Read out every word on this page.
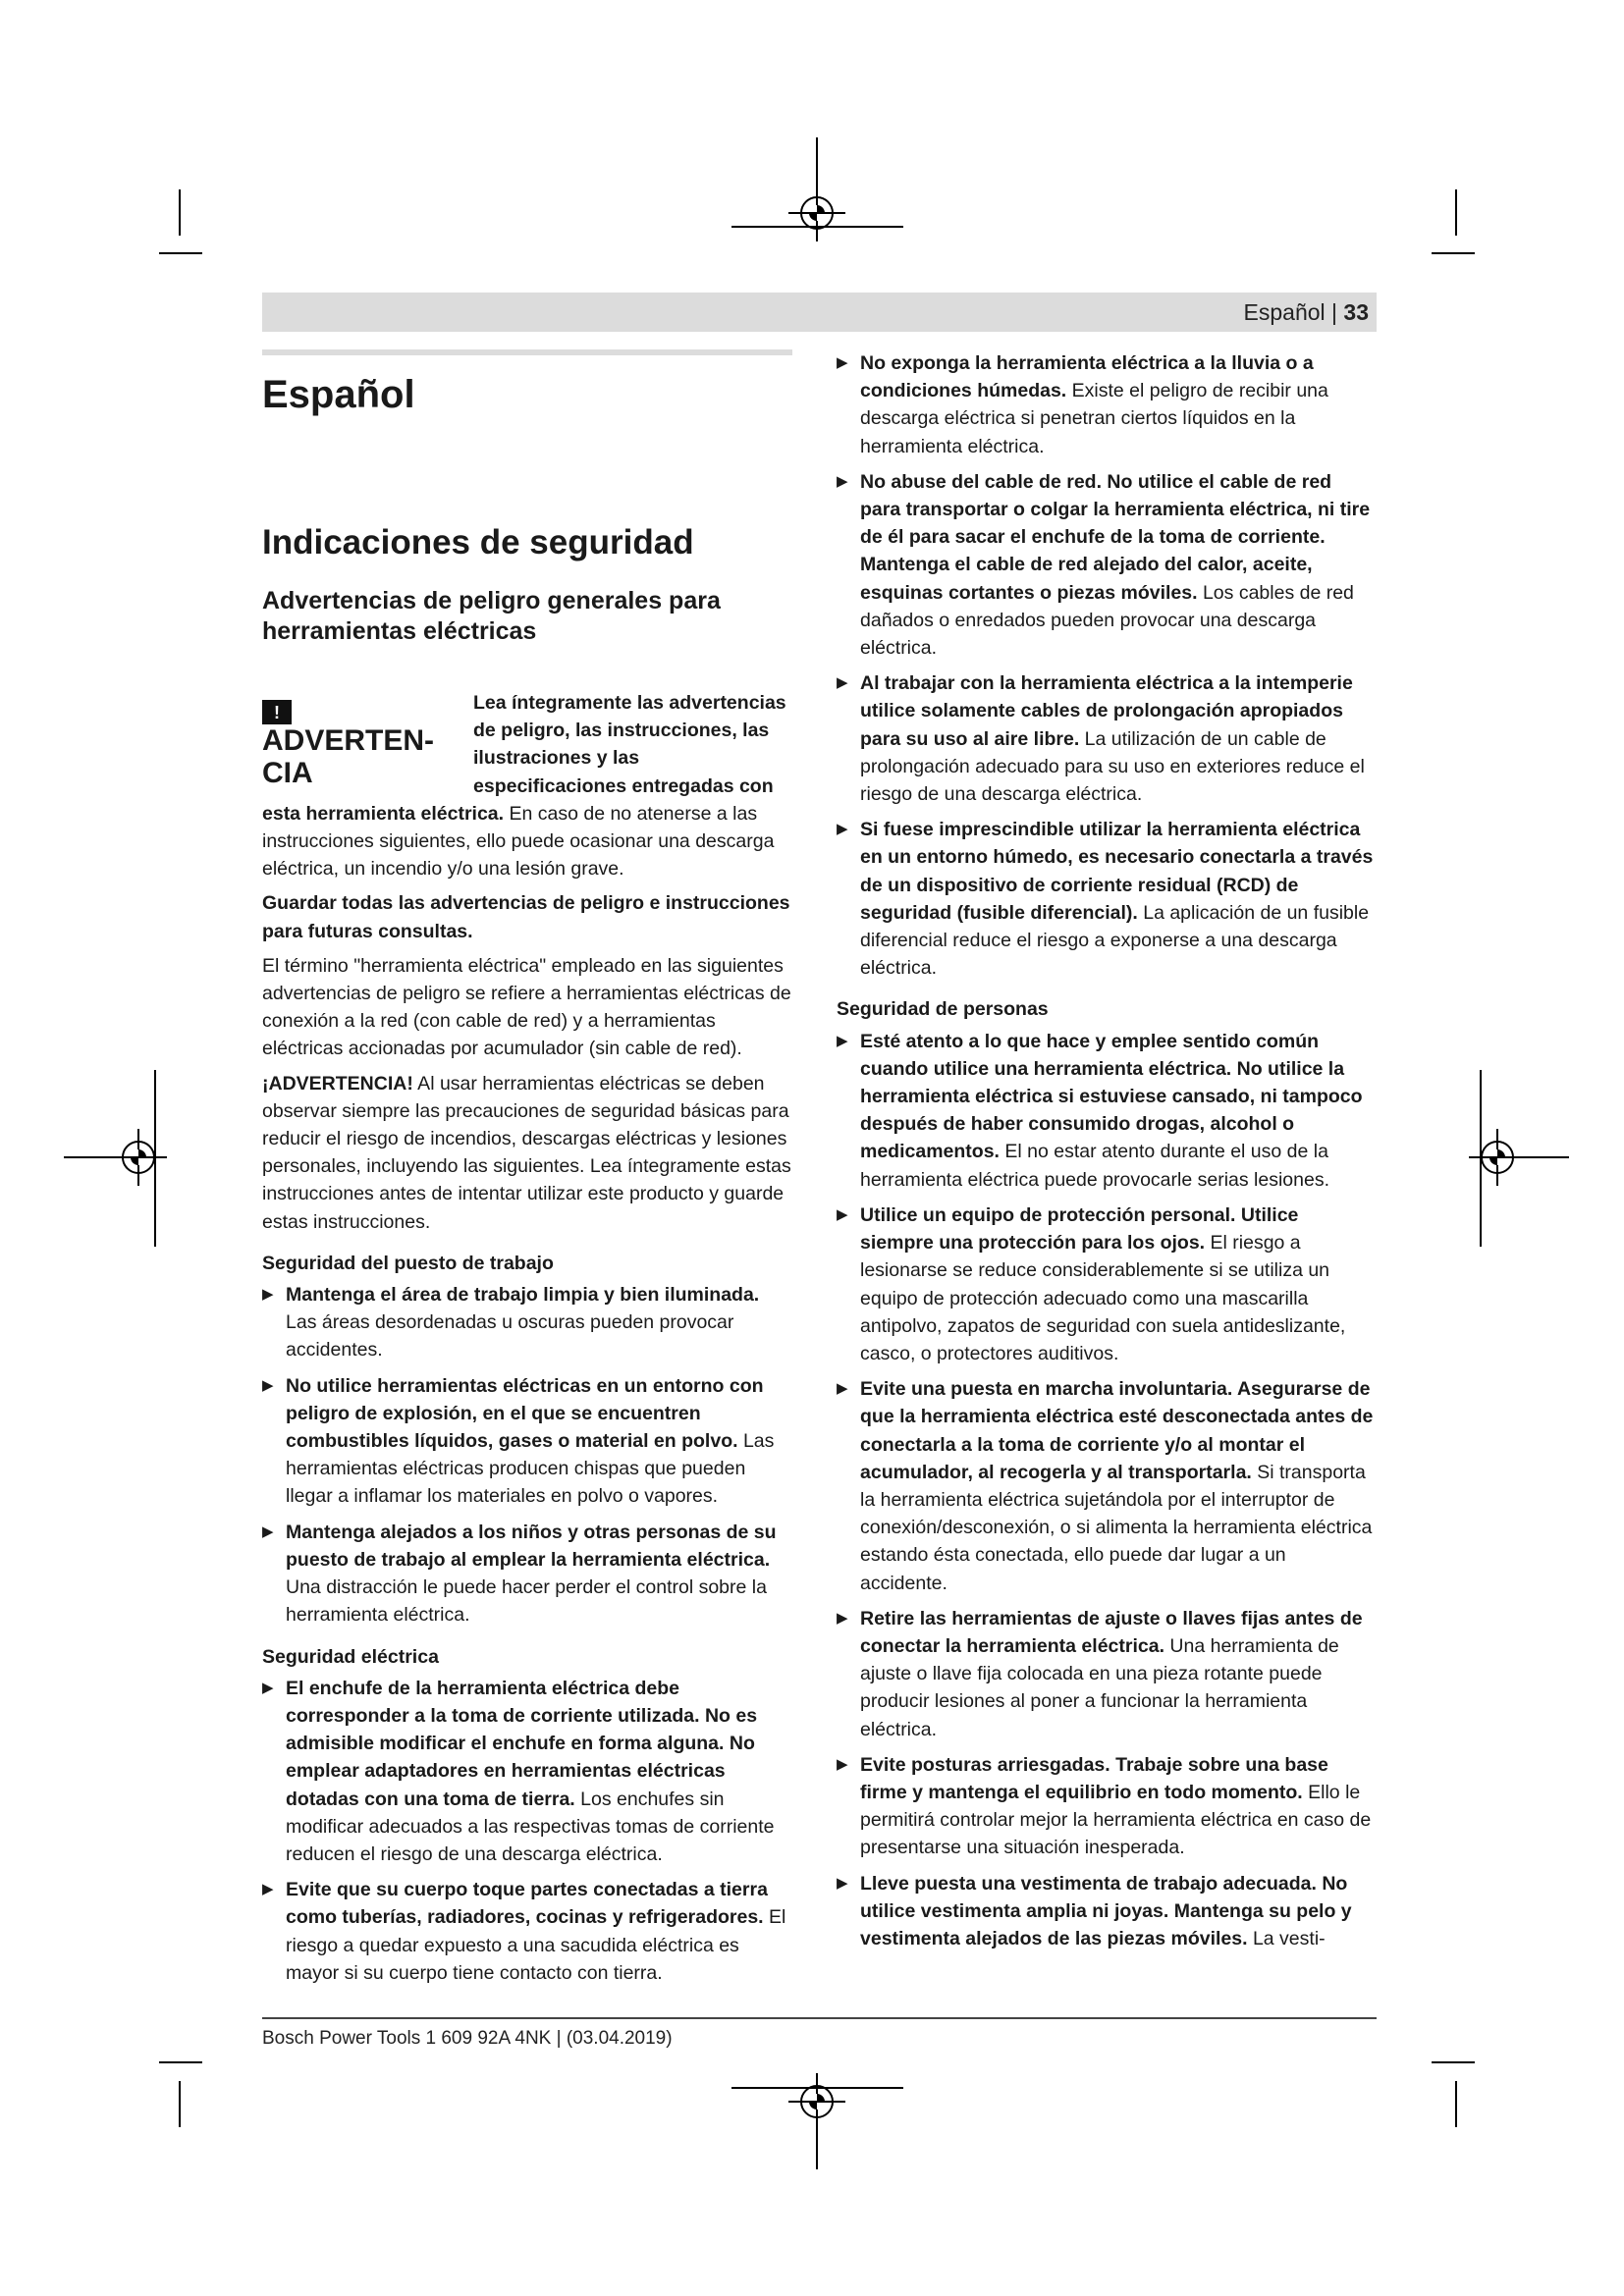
Español | 33
Español
Indicaciones de seguridad
Advertencias de peligro generales para herramientas eléctricas
!ADVERTEN-CIA

Lea íntegramente las advertencias de peligro, las instrucciones, las ilustraciones y las especificaciones entregadas con esta herramienta eléctrica. En caso de no atenerse a las instrucciones siguientes, ello puede ocasionar una descarga eléctrica, un incendio y/o una lesión grave.

Guardar todas las advertencias de peligro e instrucciones para futuras consultas.

El término "herramienta eléctrica" empleado en las siguientes advertencias de peligro se refiere a herramientas eléctricas de conexión a la red (con cable de red) y a herramientas eléctricas accionadas por acumulador (sin cable de red).

¡ADVERTENCIA! Al usar herramientas eléctricas se deben observar siempre las precauciones de seguridad básicas para reducir el riesgo de incendios, descargas eléctricas y lesiones personales, incluyendo las siguientes. Lea íntegramente estas instrucciones antes de intentar utilizar este producto y guarde estas instrucciones.

Seguridad del puesto de trabajo
▶ Mantenga el área de trabajo limpia y bien iluminada. Las áreas desordenadas u oscuras pueden provocar accidentes.
▶ No utilice herramientas eléctricas en un entorno con peligro de explosión, en el que se encuentren combustibles líquidos, gases o material en polvo. Las herramientas eléctricas producen chispas que pueden llegar a inflamar los materiales en polvo o vapores.
▶ Mantenga alejados a los niños y otras personas de su puesto de trabajo al emplear la herramienta eléctrica. Una distracción le puede hacer perder el control sobre la herramienta eléctrica.
Seguridad eléctrica
▶ El enchufe de la herramienta eléctrica debe corresponder a la toma de corriente utilizada. No es admisible modificar el enchufe en forma alguna. No emplear adaptadores en herramientas eléctricas dotadas con una toma de tierra. Los enchufes sin modificar adecuados a las respectivas tomas de corriente reducen el riesgo de una descarga eléctrica.
▶ Evite que su cuerpo toque partes conectadas a tierra como tuberías, radiadores, cocinas y refrigeradores. El riesgo a quedar expuesto a una sacudida eléctrica es mayor si su cuerpo tiene contacto con tierra.
▶ No exponga la herramienta eléctrica a la lluvia o a condiciones húmedas. Existe el peligro de recibir una descarga eléctrica si penetran ciertos líquidos en la herramienta eléctrica.
▶ No abuse del cable de red. No utilice el cable de red para transportar o colgar la herramienta eléctrica, ni tire de él para sacar el enchufe de la toma de corriente. Mantenga el cable de red alejado del calor, aceite, esquinas cortantes o piezas móviles. Los cables de red dañados o enredados pueden provocar una descarga eléctrica.
▶ Al trabajar con la herramienta eléctrica a la intemperie utilice solamente cables de prolongación apropiados para su uso al aire libre. La utilización de un cable de prolongación adecuado para su uso en exteriores reduce el riesgo de una descarga eléctrica.
▶ Si fuese imprescindible utilizar la herramienta eléctrica en un entorno húmedo, es necesario conectarla a través de un dispositivo de corriente residual (RCD) de seguridad (fusible diferencial). La aplicación de un fusible diferencial reduce el riesgo a exponerse a una descarga eléctrica.
Seguridad de personas
▶ Esté atento a lo que hace y emplee sentido común cuando utilice una herramienta eléctrica. No utilice la herramienta eléctrica si estuviese cansado, ni tampoco después de haber consumido drogas, alcohol o medicamentos. El no estar atento durante el uso de la herramienta eléctrica puede provocarle serias lesiones.
▶ Utilice un equipo de protección personal. Utilice siempre una protección para los ojos. El riesgo a lesionarse se reduce considerablemente si se utiliza un equipo de protección adecuado como una mascarilla antipolvo, zapatos de seguridad con suela antideslizante, casco, o protectores auditivos.
▶ Evite una puesta en marcha involuntaria. Asegurarse de que la herramienta eléctrica esté desconectada antes de conectarla a la toma de corriente y/o al montar el acumulador, al recogerla y al transportarla. Si transporta la herramienta eléctrica sujetándola por el interruptor de conexión/desconexión, o si alimenta la herramienta eléctrica estando ésta conectada, ello puede dar lugar a un accidente.
▶ Retire las herramientas de ajuste o llaves fijas antes de conectar la herramienta eléctrica. Una herramienta de ajuste o llave fija colocada en una pieza rotante puede producir lesiones al poner a funcionar la herramienta eléctrica.
▶ Evite posturas arriesgadas. Trabaje sobre una base firme y mantenga el equilibrio en todo momento. Ello le permitirá controlar mejor la herramienta eléctrica en caso de presentarse una situación inesperada.
▶ Lleve puesta una vestimenta de trabajo adecuada. No utilice vestimenta amplia ni joyas. Mantenga su pelo y vestimenta alejados de las piezas móviles. La vesti-
Bosch Power Tools 1 609 92A 4NK | (03.04.2019)
